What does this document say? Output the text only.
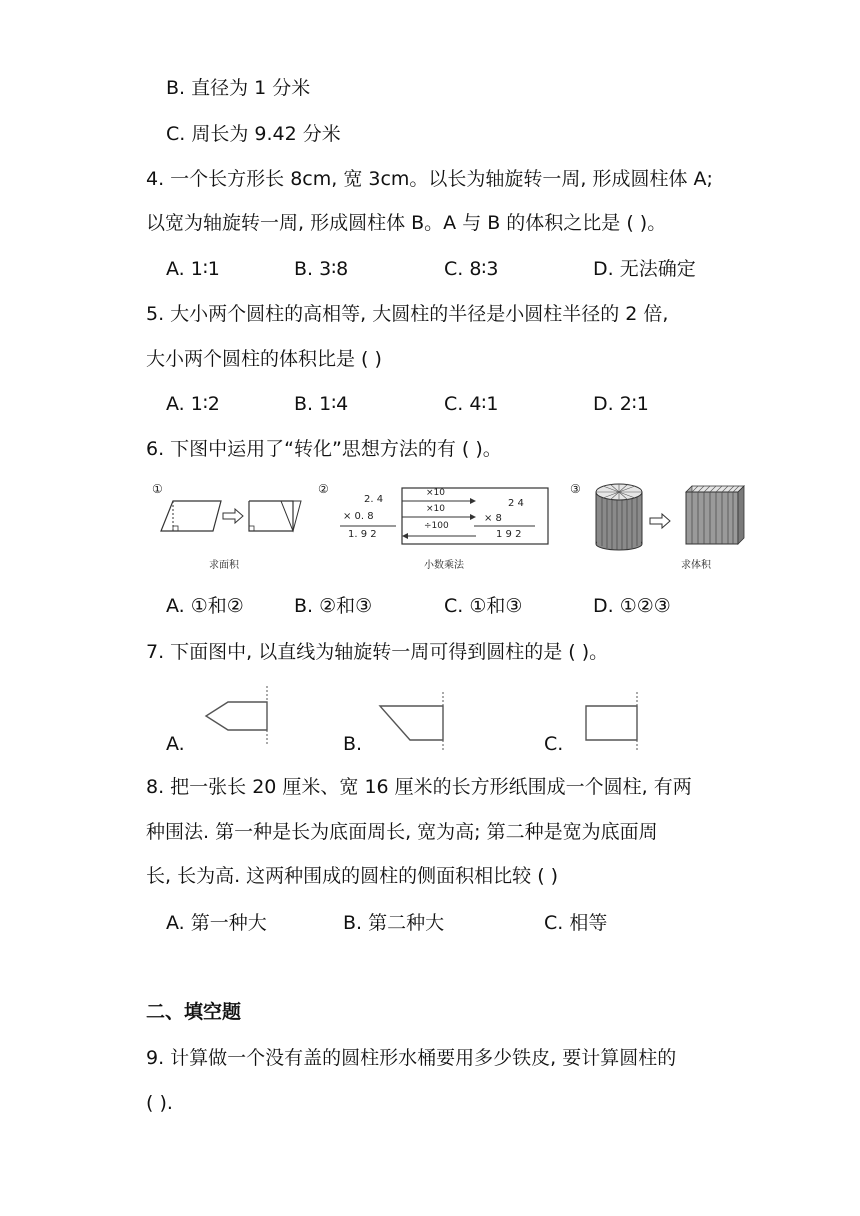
B. 直径为 1 分米
C. 周长为 9.42 分米
4. 一个长方形长 8cm, 宽 3cm。以长为轴旋转一周, 形成圆柱体 A;
以宽为轴旋转一周, 形成圆柱体 B。A 与 B 的体积之比是 ( )。
A. 1∶1	B. 3∶8	C. 8∶3	D. 无法确定
5. 大小两个圆柱的高相等, 大圆柱的半径是小圆柱半径的 2 倍,
大小两个圆柱的体积比是 ( )
A. 1∶2	B. 1∶4	C. 4∶1	D. 2∶1
6. 下图中运用了“转化”思想方法的有 ( )。
①
求面积
②
2. 4
× 0. 8
1. 9 2
×10
×10
÷100
2 4
× 8
1 9 2
小数乘法
③
求体积
A. ①和②	B. ②和③	C. ①和③	D. ①②③
7. 下面图中, 以直线为轴旋转一周可得到圆柱的是 ( )。
A.	B.	C.
8. 把一张长 20 厘米、宽 16 厘米的长方形纸围成一个圆柱, 有两
种围法. 第一种是长为底面周长, 宽为高; 第二种是宽为底面周
长, 长为高. 这两种围成的圆柱的侧面积相比较 ( )
A. 第一种大	B. 第二种大	C. 相等
二、填空题
9. 计算做一个没有盖的圆柱形水桶要用多少铁皮, 要计算圆柱的
( ).
